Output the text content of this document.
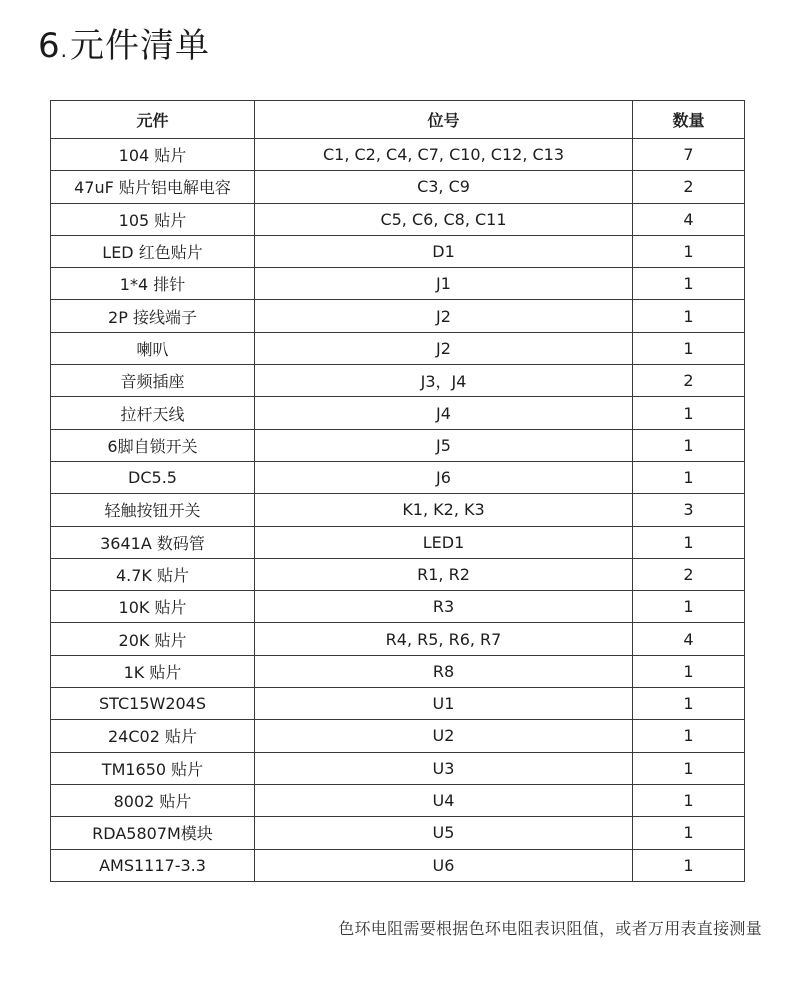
6.元件清单
元件	位号	数量
104 贴片	C1, C2, C4, C7, C10, C12, C13	7
47uF 贴片铝电解电容	C3, C9	2
105 贴片	C5, C6, C8, C11	4
LED 红色贴片	D1	1
1*4 排针	J1	1
2P 接线端子	J2	1
喇叭	J2	1
音频插座	J3，J4	2
拉杆天线	J4	1
6脚自锁开关	J5	1
DC5.5	J6	1
轻触按钮开关	K1, K2, K3	3
3641A 数码管	LED1	1
4.7K 贴片	R1, R2	2
10K 贴片	R3	1
20K 贴片	R4, R5, R6, R7	4
1K 贴片	R8	1
STC15W204S	U1	1
24C02 贴片	U2	1
TM1650 贴片	U3	1
8002 贴片	U4	1
RDA5807M模块	U5	1
AMS1117-3.3	U6	1
色环电阻需要根据色环电阻表识阻值，或者万用表直接测量
